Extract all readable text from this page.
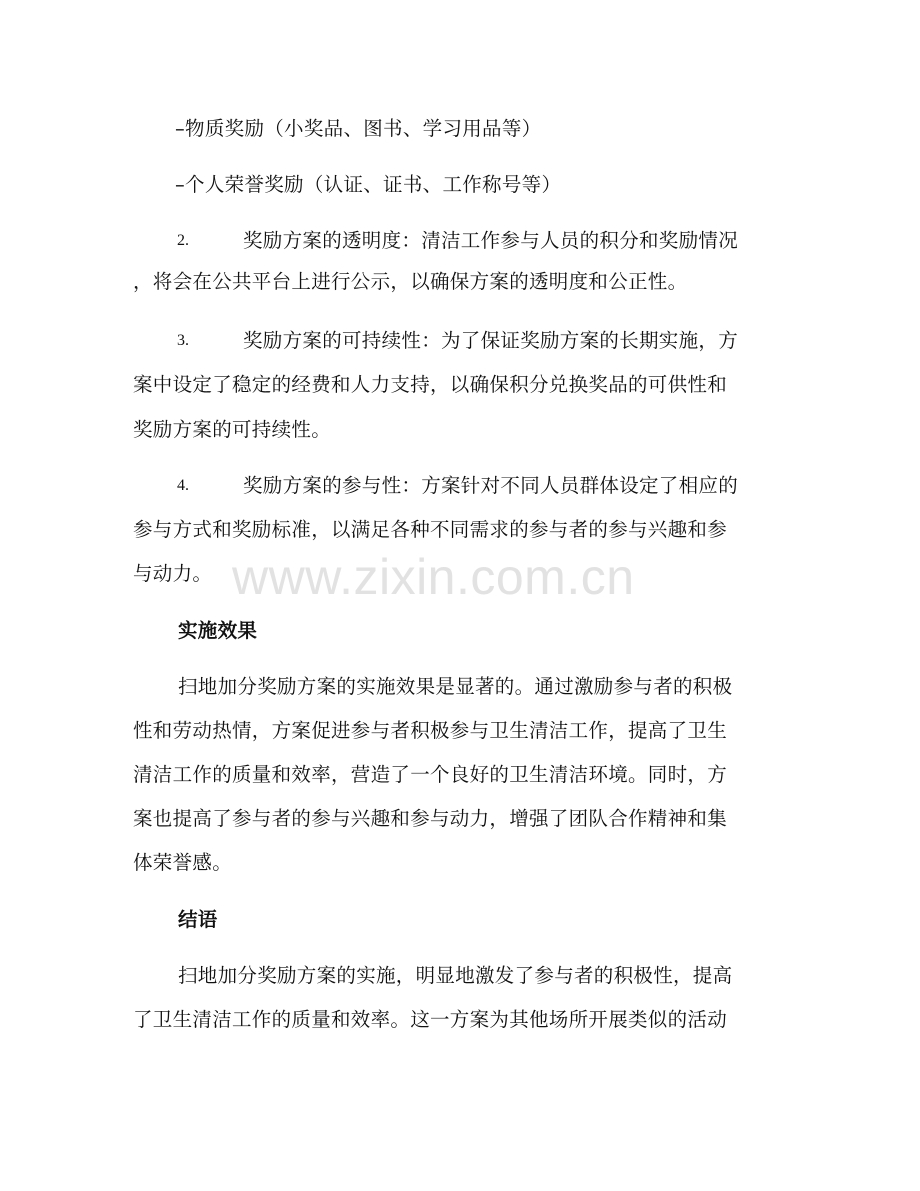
–物质奖励（小奖品、图书、学习用品等）
–个人荣誉奖励（认证、证书、工作称号等）
2.	奖励方案的透明度：清洁工作参与人员的积分和奖励情况
，将会在公共平台上进行公示，以确保方案的透明度和公正性。
3.	奖励方案的可持续性：为了保证奖励方案的长期实施，方
案中设定了稳定的经费和人力支持，以确保积分兑换奖品的可供性和
奖励方案的可持续性。
4.	奖励方案的参与性：方案针对不同人员群体设定了相应的
参与方式和奖励标准，以满足各种不同需求的参与者的参与兴趣和参
与动力。 www.zixin.com.cn
实施效果
扫地加分奖励方案的实施效果是显著的。通过激励参与者的积极
性和劳动热情，方案促进参与者积极参与卫生清洁工作，提高了卫生
清洁工作的质量和效率，营造了一个良好的卫生清洁环境。同时，方
案也提高了参与者的参与兴趣和参与动力，增强了团队合作精神和集
体荣誉感。
结语
扫地加分奖励方案的实施，明显地激发了参与者的积极性，提高
了卫生清洁工作的质量和效率。这一方案为其他场所开展类似的活动
